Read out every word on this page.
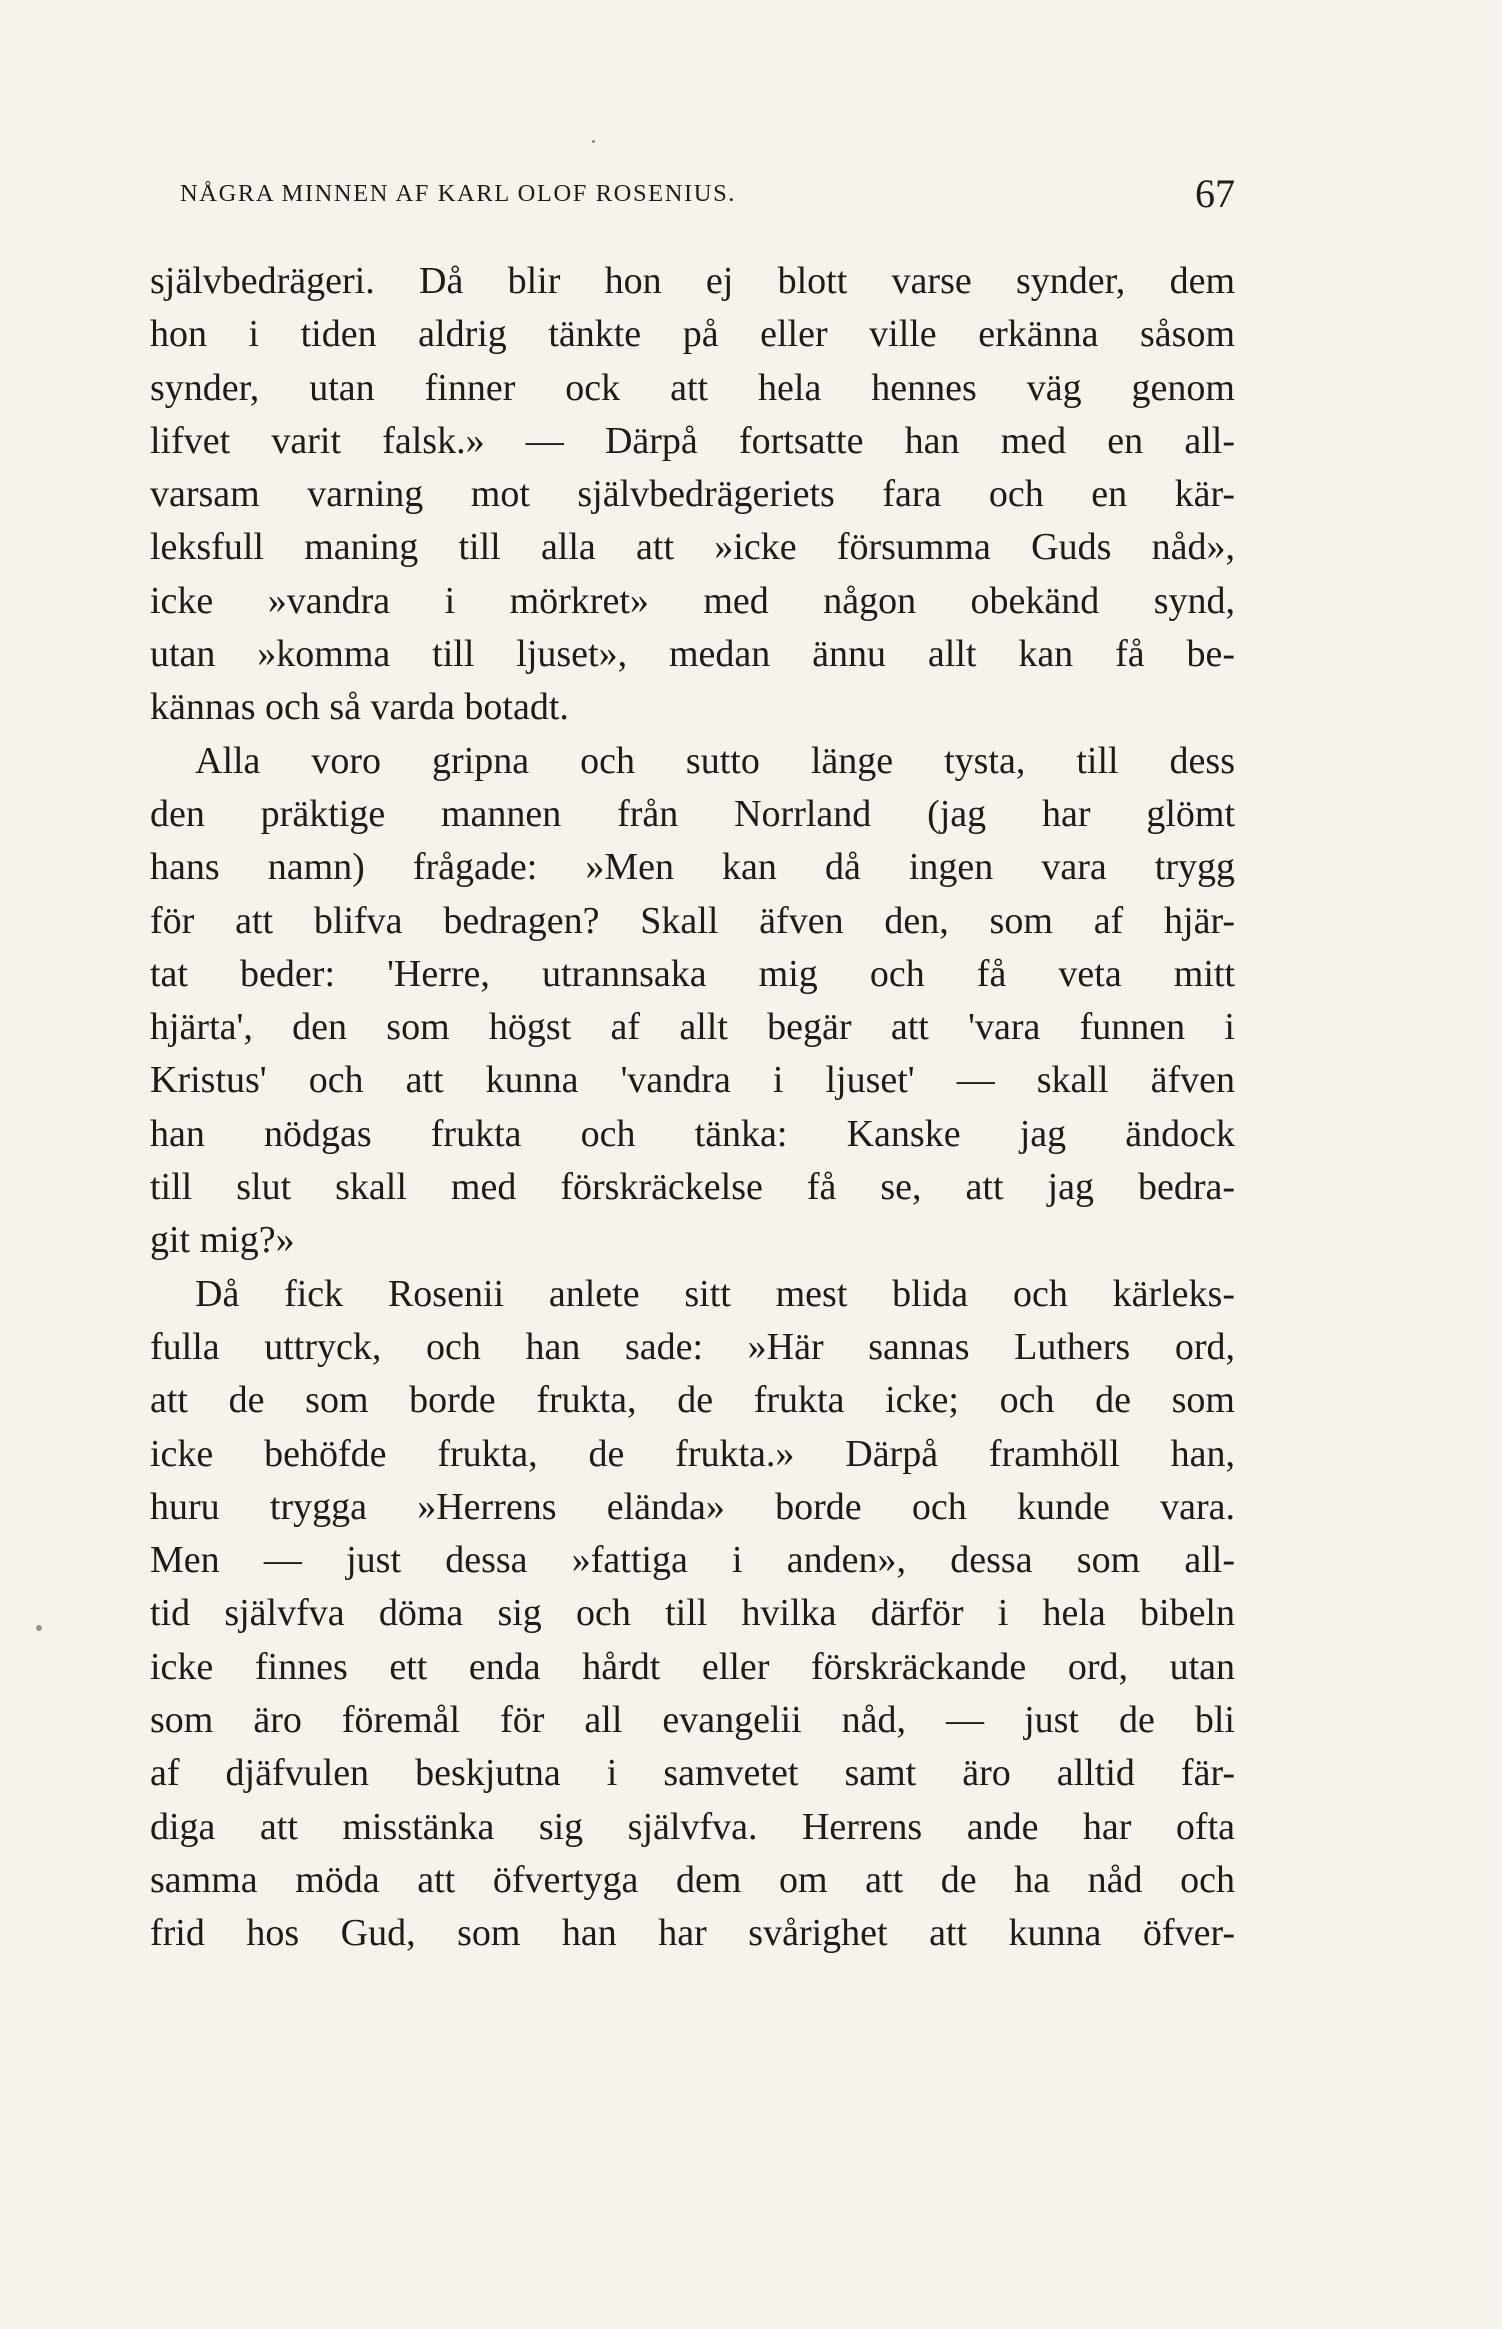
NÅGRA MINNEN AF KARL OLOF ROSENIUS.	67
självbedrägeri. Då blir hon ej blott varse synder, dem
hon i tiden aldrig tänkte på eller ville erkänna såsom
synder, utan finner ock att hela hennes väg genom
lifvet varit falsk.» — Därpå fortsatte han med en all-
varsam varning mot självbedrägeriets fara och en kär-
leksfull maning till alla att »icke försumma Guds nåd»,
icke »vandra i mörkret» med någon obekänd synd,
utan »komma till ljuset», medan ännu allt kan få be-
kännas och så varda botadt.
Alla voro gripna och sutto länge tysta, till dess
den präktige mannen från Norrland (jag har glömt
hans namn) frågade: »Men kan då ingen vara trygg
för att blifva bedragen? Skall äfven den, som af hjär-
tat beder: 'Herre, utrannsaka mig och få veta mitt
hjärta', den som högst af allt begär att 'vara funnen i
Kristus' och att kunna 'vandra i ljuset' — skall äfven
han nödgas frukta och tänka: Kanske jag ändock
till slut skall med förskräckelse få se, att jag bedra-
git mig?»
Då fick Rosenii anlete sitt mest blida och kärleks-
fulla uttryck, och han sade: »Här sannas Luthers ord,
att de som borde frukta, de frukta icke; och de som
icke behöfde frukta, de frukta.» Därpå framhöll han,
huru trygga »Herrens elända» borde och kunde vara.
Men — just dessa »fattiga i anden», dessa som all-
tid självfva döma sig och till hvilka därför i hela bibeln
icke finnes ett enda hårdt eller förskräckande ord, utan
som äro föremål för all evangelii nåd, — just de bli
af djäfvulen beskjutna i samvetet samt äro alltid fär-
diga att misstänka sig självfva. Herrens ande har ofta
samma möda att öfvertyga dem om att de ha nåd och
frid hos Gud, som han har svårighet att kunna öfver-
